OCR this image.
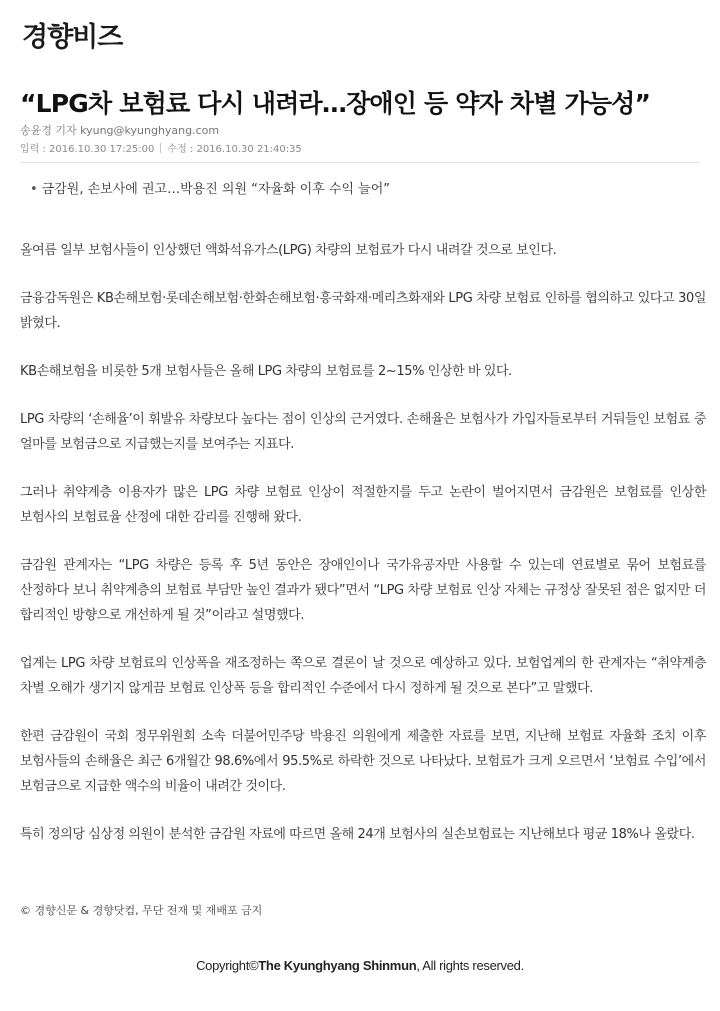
경향비즈
“LPG차 보험료 다시 내려라…장애인 등 약자 차별 가능성”
송윤경 기자 kyung@kyunghyang.com
입력 : 2016.10.30 17:25:00 수정 : 2016.10.30 21:40:35
• 금감원, 손보사에 권고…박용진 의원 “자율화 이후 수익 늘어”

올여름 일부 보험사들이 인상했던 액화석유가스(LPG) 차량의 보험료가 다시 내려갈 것으로 보인다.

금융감독원은 KB손해보험·롯데손해보험·한화손해보험·흥국화재·메리츠화재와 LPG 차량 보험료 인하를 협의하고 있다고 30일 밝혔다.

KB손해보험을 비롯한 5개 보험사들은 올해 LPG 차량의 보험료를 2~15% 인상한 바 있다.

LPG 차량의 ‘손해율’이 휘발유 차량보다 높다는 점이 인상의 근거였다. 손해율은 보험사가 가입자들로부터 거둬들인 보험료 중 얼마를 보험금으로 지급했는지를 보여주는 지표다.

그러나 취약계층 이용자가 많은 LPG 차량 보험료 인상이 적절한지를 두고 논란이 벌어지면서 금감원은 보험료를 인상한 보험사의 보험료율 산정에 대한 감리를 진행해 왔다.

금감원 관계자는 “LPG 차량은 등록 후 5년 동안은 장애인이나 국가유공자만 사용할 수 있는데 연료별로 묶어 보험료를 산정하다 보니 취약계층의 보험료 부담만 높인 결과가 됐다”면서 “LPG 차량 보험료 인상 자체는 규정상 잘못된 점은 없지만 더 합리적인 방향으로 개선하게 될 것”이라고 설명했다.

업계는 LPG 차량 보험료의 인상폭을 재조정하는 쪽으로 결론이 날 것으로 예상하고 있다. 보험업계의 한 관계자는 “취약계층 차별 오해가 생기지 않게끔 보험료 인상폭 등을 합리적인 수준에서 다시 정하게 될 것으로 본다”고 말했다.

한편 금감원이 국회 정무위원회 소속 더불어민주당 박용진 의원에게 제출한 자료를 보면, 지난해 보험료 자율화 조치 이후 보험사들의 손해율은 최근 6개월간 98.6%에서 95.5%로 하락한 것으로 나타났다. 보험료가 크게 오르면서 ‘보험료 수입’에서 보험금으로 지급한 액수의 비율이 내려간 것이다.

특히 정의당 심상정 의원이 분석한 금감원 자료에 따르면 올해 24개 보험사의 실손보험료는 지난해보다 평균 18%나 올랐다.

© 경향신문 & 경향닷컴, 무단 전재 및 재배포 금지
Copyright©The Kyunghyang Shinmun, All rights reserved.
